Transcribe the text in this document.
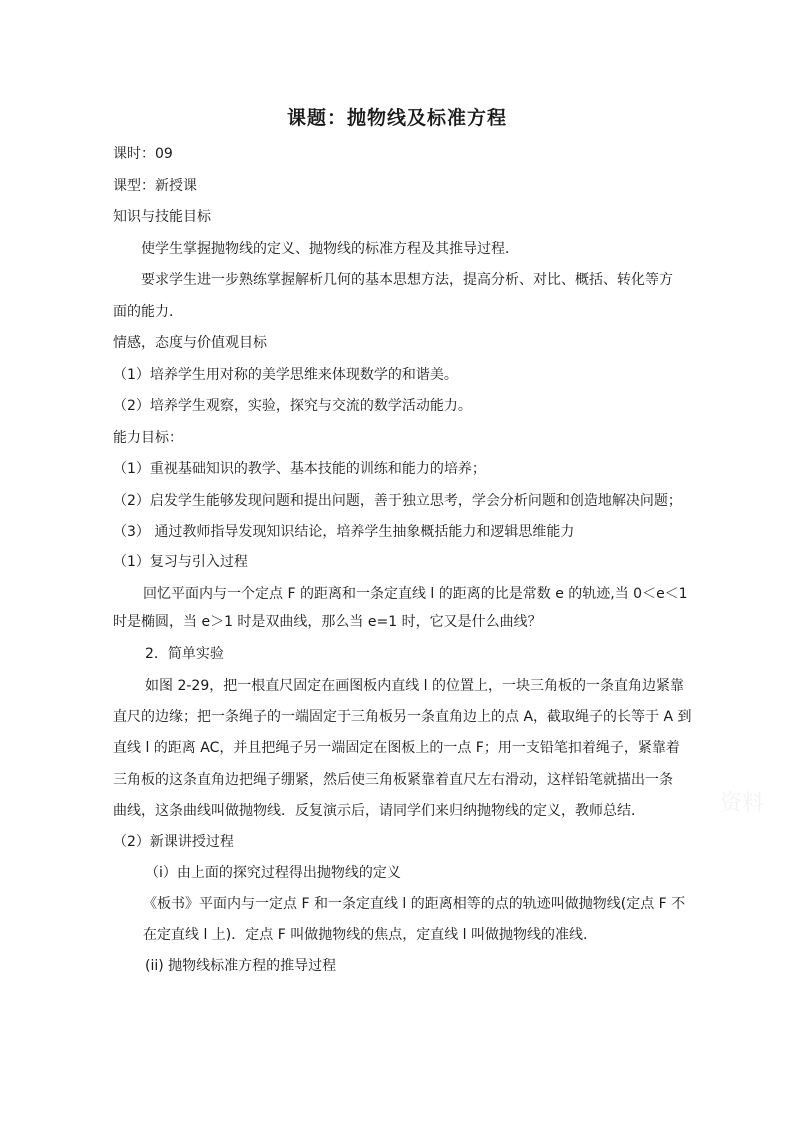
课题：抛物线及标准方程
课时：09
课型：新授课
知识与技能目标
使学生掌握抛物线的定义、抛物线的标准方程及其推导过程．
要求学生进一步熟练掌握解析几何的基本思想方法，提高分析、对比、概括、转化等方
面的能力．
情感，态度与价值观目标
（1）培养学生用对称的美学思维来体现数学的和谐美。
（2）培养学生观察，实验，探究与交流的数学活动能力。
能力目标：
（1）重视基础知识的教学、基本技能的训练和能力的培养；
（2）启发学生能够发现问题和提出问题，善于独立思考，学会分析问题和创造地解决问题；
（3） 通过教师指导发现知识结论，培养学生抽象概括能力和逻辑思维能力
（1）复习与引入过程
回忆平面内与一个定点 F 的距离和一条定直线 l 的距离的比是常数 e 的轨迹,当 0＜e＜1
时是椭圆，当 e＞1 时是双曲线，那么当 e=1 时，它又是什么曲线？
2．简单实验
如图 2-29，把一根直尺固定在画图板内直线 l 的位置上，一块三角板的一条直角边紧靠
直尺的边缘；把一条绳子的一端固定于三角板另一条直角边上的点 A，截取绳子的长等于 A 到
直线 l 的距离 AC，并且把绳子另一端固定在图板上的一点 F；用一支铅笔扣着绳子，紧靠着
三角板的这条直角边把绳子绷紧，然后使三角板紧靠着直尺左右滑动，这样铅笔就描出一条
曲线，这条曲线叫做抛物线．反复演示后，请同学们来归纳抛物线的定义，教师总结．
（2）新课讲授过程
（i）由上面的探究过程得出抛物线的定义
《板书》平面内与一定点 F 和一条定直线 l 的距离相等的点的轨迹叫做抛物线(定点 F 不
在定直线 l 上)．定点 F 叫做抛物线的焦点，定直线 l 叫做抛物线的准线.
(ii) 抛物线标准方程的推导过程
资料
